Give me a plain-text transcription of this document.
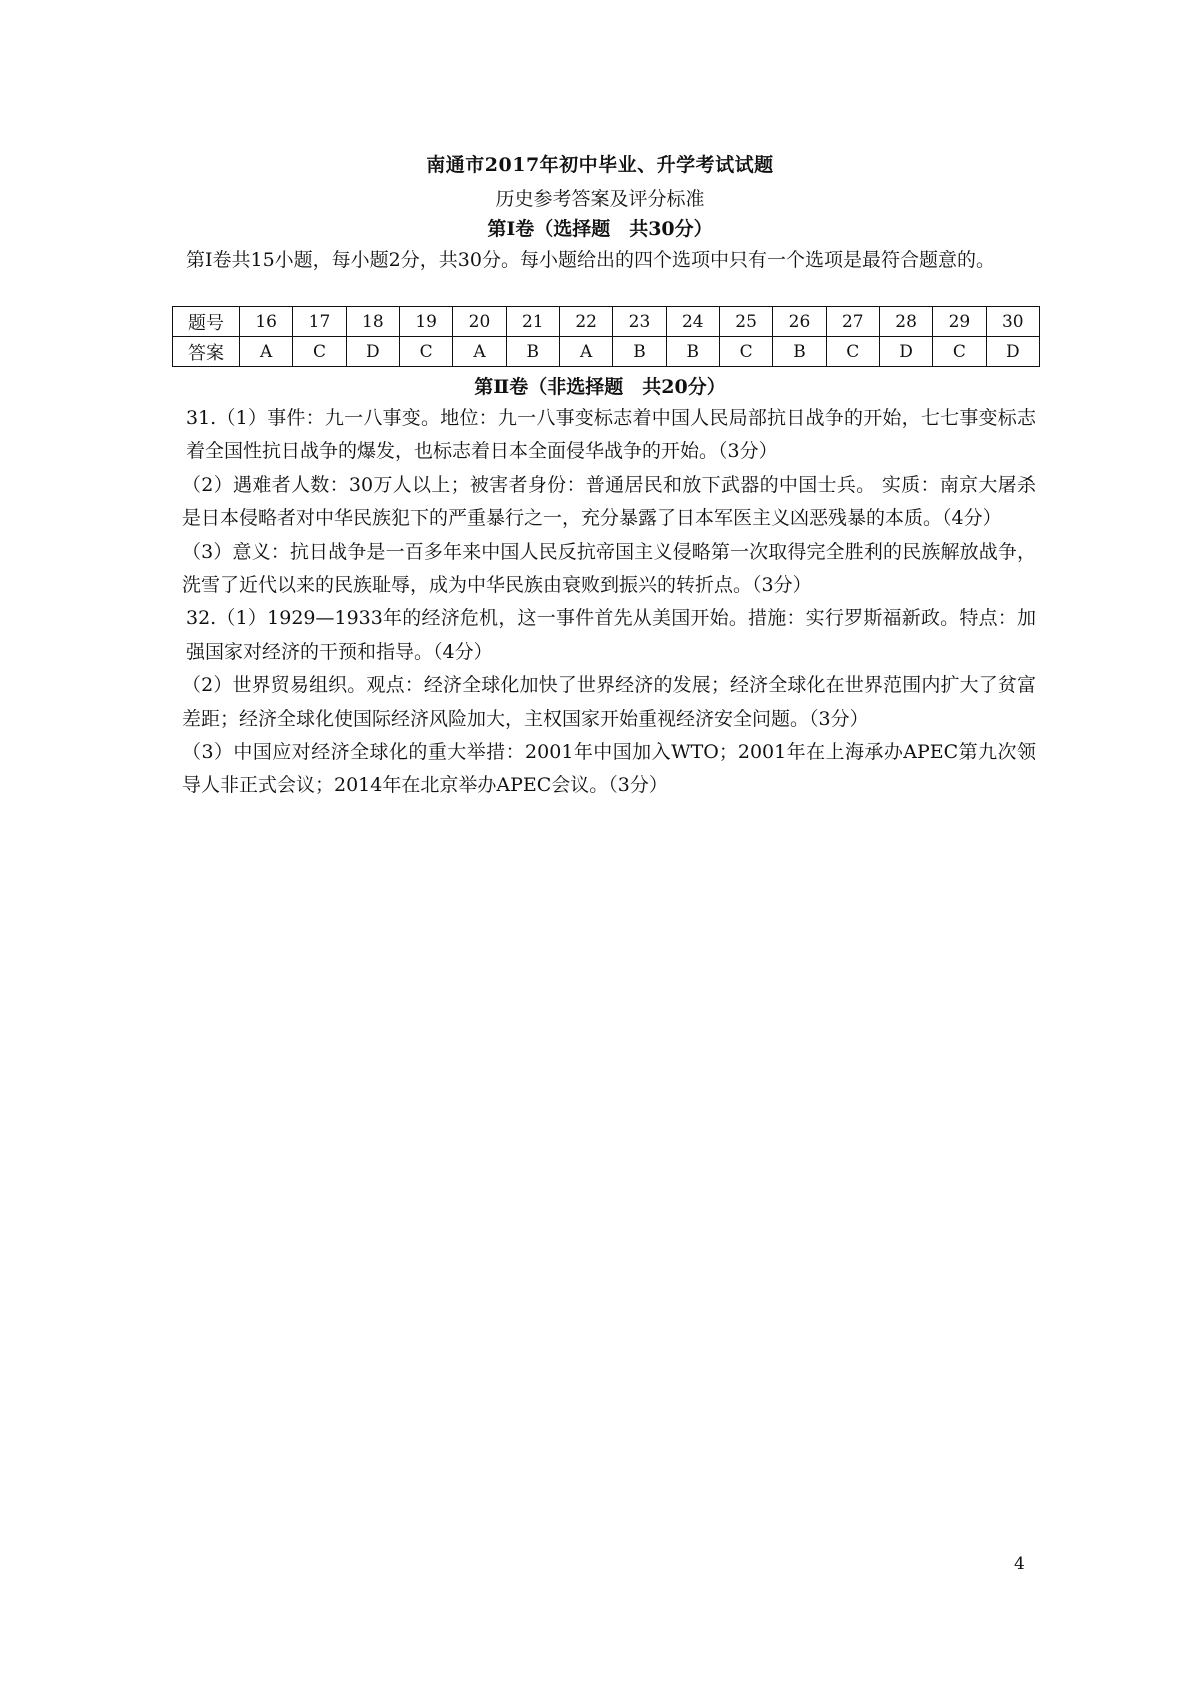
南通市2017年初中毕业、升学考试试题
历史参考答案及评分标准
第Ⅰ卷（选择题　共30分）
第Ⅰ卷共15小题，每小题2分，共30分。每小题给出的四个选项中只有一个选项是最符合题意的。
题号	16	17	18	19	20	21	22	23	24	25	26	27	28	29	30
答案	A	C	D	C	A	B	A	B	B	C	B	C	D	C	D
第Ⅱ卷（非选择题　共20分）

31.（1）事件：九一八事变。地位：九一八事变标志着中国人民局部抗日战争的开始，七七事变标志着全国性抗日战争的爆发，也标志着日本全面侵华战争的开始。（3分）

（2）遇难者人数：30万人以上；被害者身份：普通居民和放下武器的中国士兵。 实质：南京大屠杀是日本侵略者对中华民族犯下的严重暴行之一，充分暴露了日本军医主义凶恶残暴的本质。（4分）

（3）意义：抗日战争是一百多年来中国人民反抗帝国主义侵略第一次取得完全胜利的民族解放战争，洗雪了近代以来的民族耻辱，成为中华民族由衰败到振兴的转折点。（3分）

32.（1）1929—1933年的经济危机，这一事件首先从美国开始。措施：实行罗斯福新政。特点：加强国家对经济的干预和指导。（4分）

（2）世界贸易组织。观点：经济全球化加快了世界经济的发展；经济全球化在世界范围内扩大了贫富差距；经济全球化使国际经济风险加大，主权国家开始重视经济安全问题。（3分）

（3）中国应对经济全球化的重大举措：2001年中国加入WTO；2001年在上海承办APEC第九次领导人非正式会议；2014年在北京举办APEC会议。（3分）

4
